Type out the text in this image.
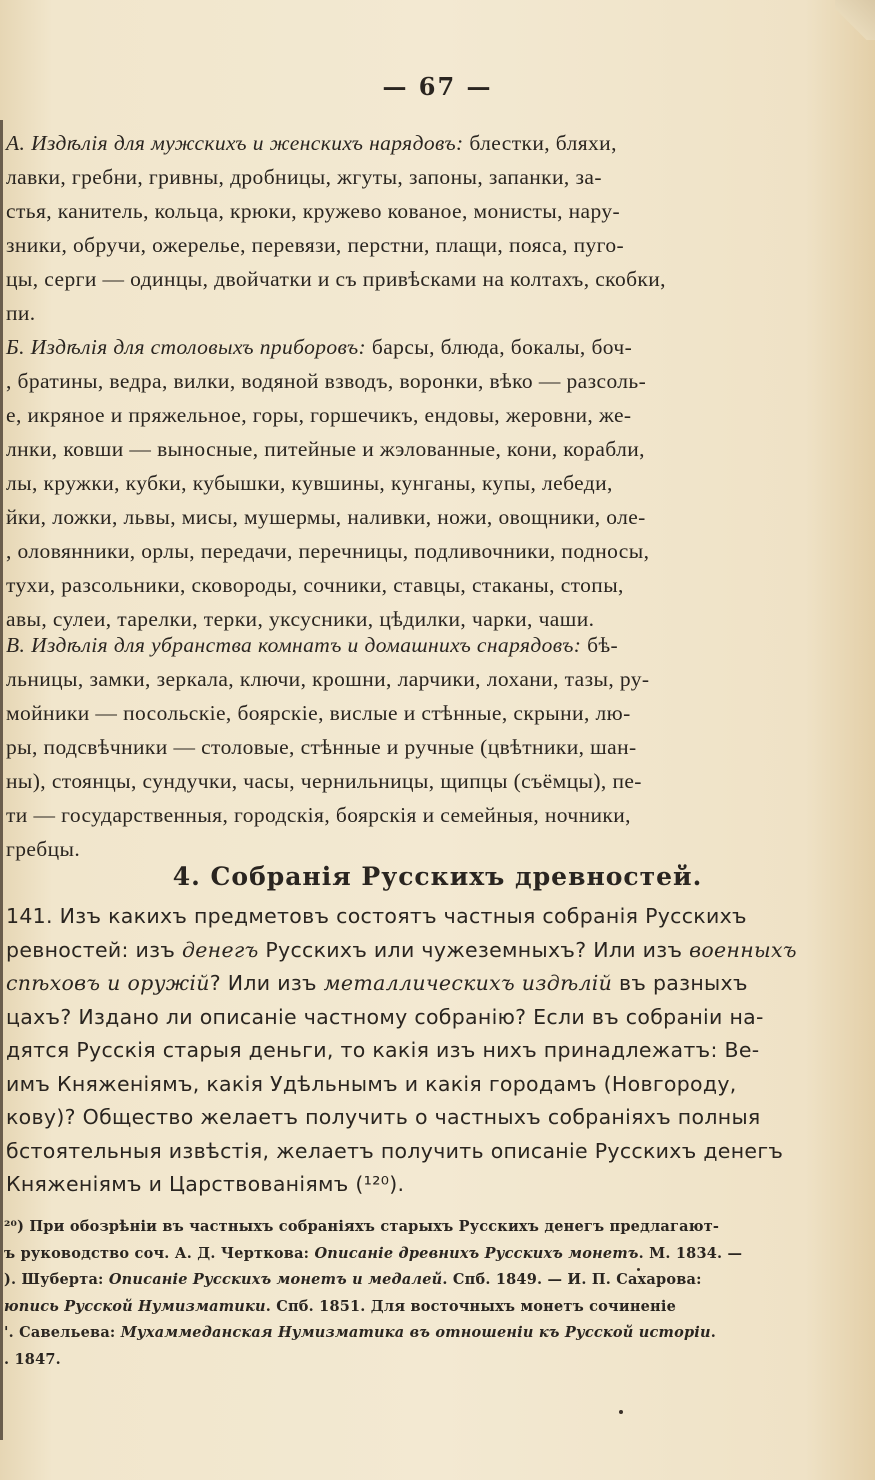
— 67 —
А. Издѣлія для мужскихъ и женскихъ нарядовъ: блестки, бляхи,
лавки, гребни, гривны, дробницы, жгуты, запоны, запанки, за-
стья, канитель, кольца, крюки, кружево кованое, мониcты, нару-
зники, обручи, ожерелье, перевязи, перстни, плащи, пояса, пуго-
цы, серги — одинцы, двойчатки и съ привѣсками на колтахъ, скобки,
пи.
Б. Издѣлія для столовыхъ приборовъ: барсы, блюда, бокалы, боч-
, братины, ведра, вилки, водяной взводъ, воронки, вѣко — разсоль-
е, икряное и пряжельное, горы, горшечикъ, ендовы, жеровни, же-
лнки, ковши — выносные, питейные и жэлованные, кони, корабли,
лы, кружки, кубки, кубышки, кувшины, кунганы, купы, лебеди,
йки, ложки, львы, мисы, мушермы, наливки, ножи, овощники, оле-
, оловянники, орлы, передачи, перечницы, подливочники, подносы,
тухи, разсольники, сковороды, сочники, ставцы, стаканы, стопы,
авы, сулеи, тарелки, терки, уксусники, цѣдилки, чарки, чаши.
В. Издѣлія для убранства комнатъ и домашнихъ снарядовъ: бѣ-
льницы, замки, зеркала, ключи, крошни, ларчики, лохани, тазы, ру-
мойники — посольскіе, боярскіе, вислые и стѣнные, скрыни, лю-
ры, подсвѣчники — столовые, стѣнные и ручные (цвѣтники, шан-
ны), стоянцы, сундучки, часы, чернильницы, щипцы (съёмцы), пе-
ти — государственныя, городскія, боярскія и семейныя, ночники,
гребцы.
4. Собранія Русскихъ древностей.
141. Изъ какихъ предметовъ состоятъ частныя собранія Русскихъ
ревностей: изъ денегъ Русскихъ или чужеземныхъ? Или изъ военныхъ
спѣховъ и оружій? Или изъ металлическихъ издѣлій въ разныхъ
цахъ? Издано ли описаніе частному собранію? Если въ собраніи на-
дятся Русскія старыя деньги, то какія изъ нихъ принадлежатъ: Ве-
имъ Княженіямъ, какія Удѣльнымъ и какія городамъ (Новгороду,
кову)? Общество желаетъ получить о частныхъ собраніяхъ полныя
бстоятельныя извѣстія, желаетъ получить описаніе Русскихъ денегъ
Княженіямъ и Царствованіямъ (¹²⁰).
²⁰) При обозрѣніи въ частныхъ собраніяхъ старыхъ Русскихъ денегъ предлагают-
ъ руководство соч. А. Д. Черткова: Описаніе древнихъ Русскихъ монетъ. М. 1834. —
). Шуберта: Описаніе Русскихъ монетъ и медалей. Спб. 1849. — И. П. Сахарова:
юпись Русской Нумизматики. Спб. 1851. Для восточныхъ монетъ сочиненіе
'. Савельева: Мухаммеданская Нумизматика въ отношеніи къ Русской исторіи.
. 1847.
